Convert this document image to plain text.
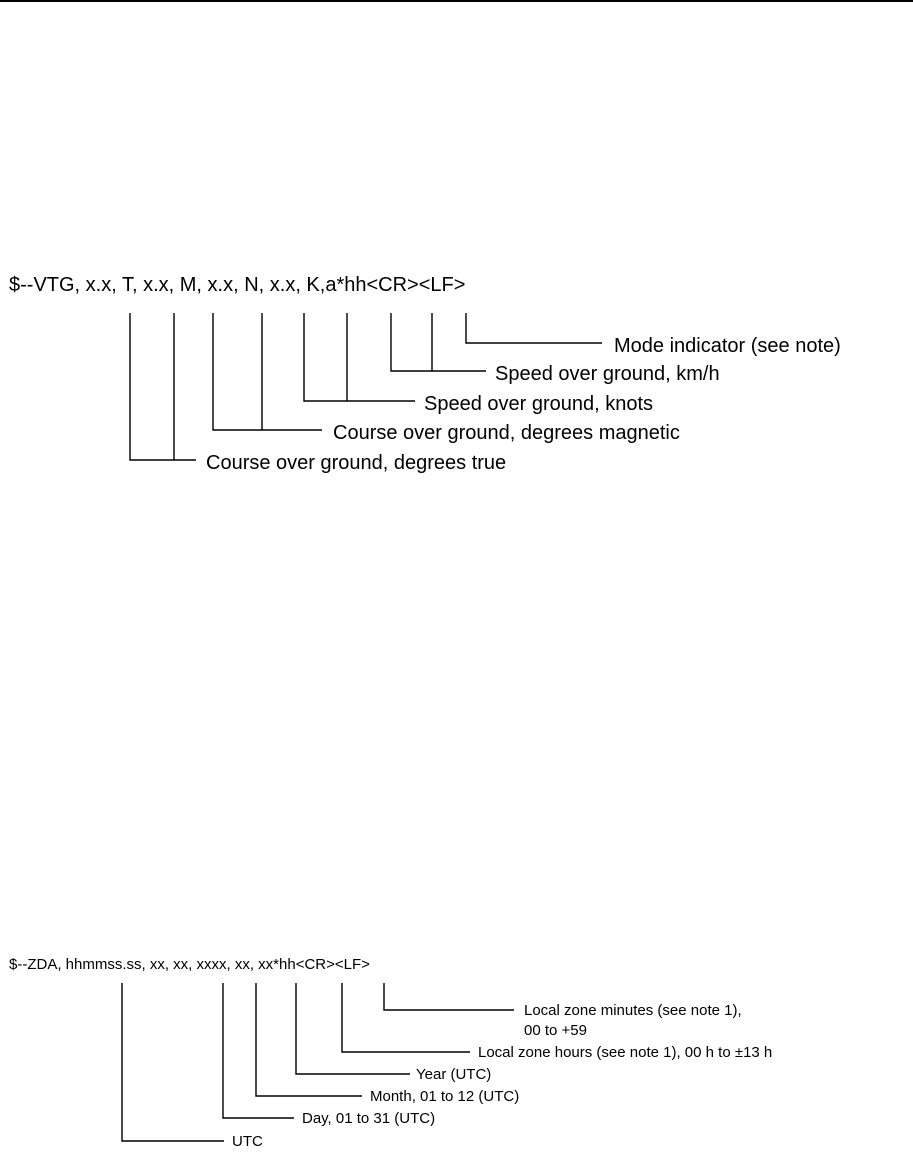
$--VTG, x.x, T, x.x, M, x.x, N, x.x, K,a*hh<CR><LF>
Mode indicator (see note)
Speed over ground, km/h
Speed over ground, knots
Course over ground, degrees magnetic
Course over ground, degrees true
$--ZDA, hhmmss.ss, xx, xx, xxxx, xx, xx*hh<CR><LF>
Local zone minutes (see note 1),
00 to +59
Local zone hours (see note 1), 00 h to ±13 h
Year (UTC)
Month, 01 to 12 (UTC)
Day, 01 to 31 (UTC)
UTC
